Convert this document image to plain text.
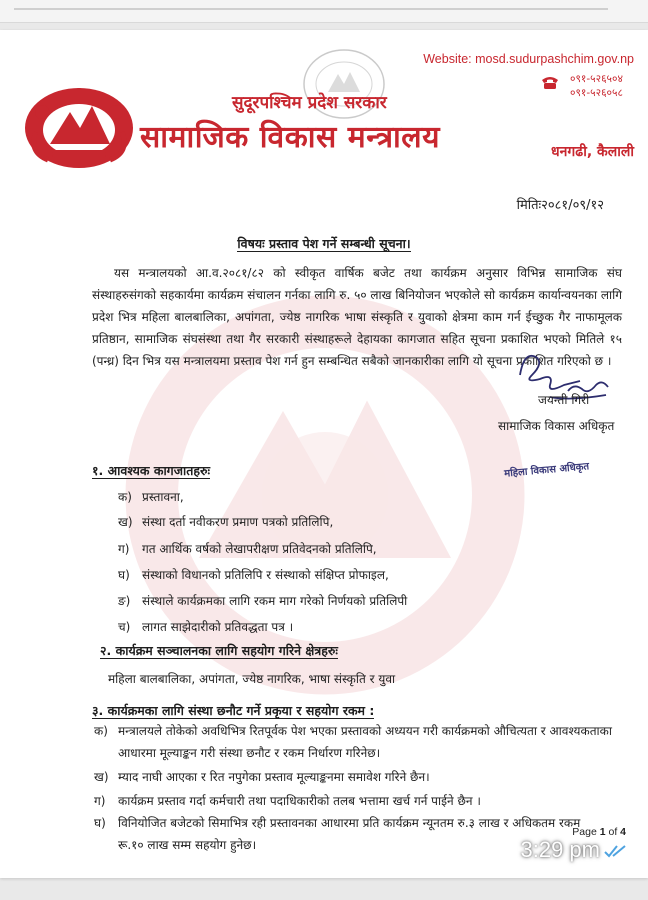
Website: mosd.sudurpashchim.gov.np
०९१-५२६५०४
०९१-५२६०५८
सुदूरपश्चिम प्रदेश सरकार
सामाजिक विकास मन्त्रालय	धनगढी, कैलाली
मितिः२०८१/०९/१२
विषयः प्रस्ताव पेश गर्ने सम्बन्धी सूचना।
यस मन्त्रालयको आ.व.२०८१/८२ को स्वीकृत वार्षिक बजेट तथा कार्यक्रम अनुसार विभिन्न सामाजिक संघ संस्थाहरुसंगको सहकार्यमा कार्यक्रम संचालन गर्नका लागि रु. ५० लाख बिनियोजन भएकोले सो कार्यक्रम कार्यान्वयनका लागि प्रदेश भित्र महिला बालबालिका, अपांगता, ज्येष्ठ नागरिक भाषा संस्कृति र युवाको क्षेत्रमा काम गर्न ईच्छुक गैर नाफामूलक प्रतिष्ठान, सामाजिक संघसंस्था तथा गैर सरकारी संस्थाहरूले देहायका कागजात सहित सूचना प्रकाशित भएको मितिले १५ (पन्ध्र) दिन भित्र यस मन्त्रालयमा प्रस्ताव पेश गर्न हुन सम्बन्धित सबैको जानकारीका लागि यो सूचना प्रकाशित गरिएको छ ।
जयन्ती गिरी
सामाजिक विकास अधिकृत
महिला विकास अधिकृत
१. आवश्यक कागजातहरुः
क) प्रस्तावना,
ख) संस्था दर्ता नवीकरण प्रमाण पत्रको प्रतिलिपि,
ग) गत आर्थिक वर्षको लेखापरीक्षण प्रतिवेदनको प्रतिलिपि,
घ) संस्थाको विधानको प्रतिलिपि र संस्थाको संक्षिप्त प्रोफाइल,
ङ) संस्थाले कार्यक्रमका लागि रकम माग गरेको निर्णयको प्रतिलिपी
च) लागत साझेदारीको प्रतिवद्धता पत्र ।
२. कार्यक्रम सञ्चालनका लागि सहयोग गरिने क्षेत्रहरुः
महिला बालबालिका, अपांगता, ज्येष्ठ नागरिक, भाषा संस्कृति र युवा
३. कार्यक्रमका लागि संस्था छनौट गर्ने प्रकृया र सहयोग रकम :
क) मन्त्रालयले तोकेको अवधिभित्र रितपूर्वक पेश भएका प्रस्तावको अध्ययन गरी कार्यक्रमको औचित्यता र आवश्यकताका आधारमा मूल्याङ्कन गरी संस्था छनौट र रकम निर्धारण गरिनेछ।
ख) म्याद नाघी आएका र रित नपुगेका प्रस्ताव मूल्याङ्कनमा समावेश गरिने छैन।
ग) कार्यक्रम प्रस्ताव गर्दा कर्मचारी तथा पदाधिकारीको तलब भत्तामा खर्च गर्न पाईने छैन ।
घ) विनियोजित बजेटको सिमाभित्र रही प्रस्तावनका आधारमा प्रति कार्यक्रम न्यूनतम रु.३ लाख र अधिकतम रकम रू.१० लाख सम्म सहयोग हुनेछ।
Page 1 of 4
3:29 pm
